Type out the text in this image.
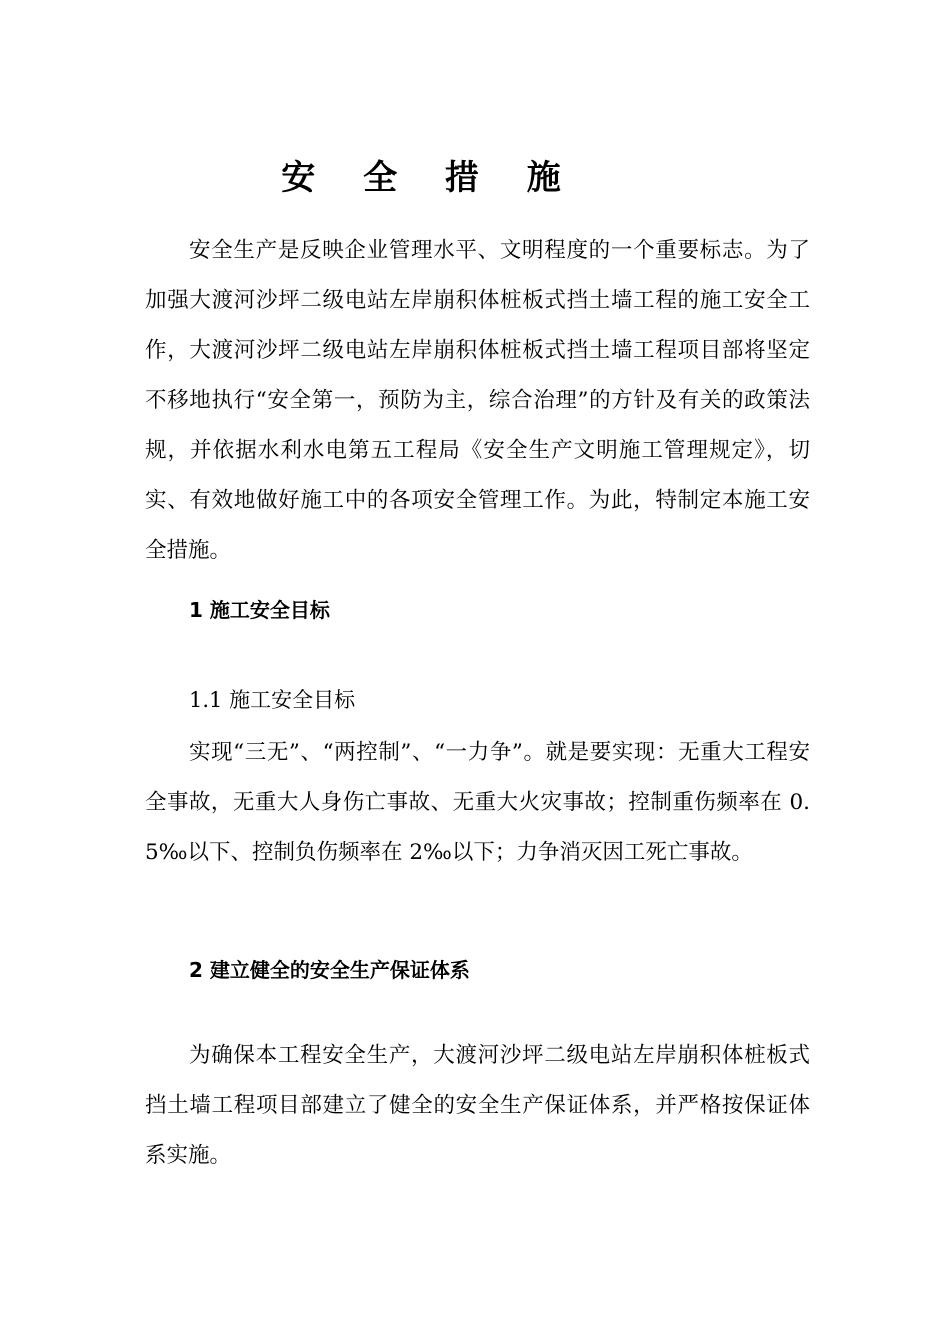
安 全 措 施

安全生产是反映企业管理水平、文明程度的一个重要标志。为了加强大渡河沙坪二级电站左岸崩积体桩板式挡土墙工程的施工安全工作，大渡河沙坪二级电站左岸崩积体桩板式挡土墙工程项目部将坚定不移地执行“安全第一，预防为主，综合治理”的方针及有关的政策法规，并依据水利水电第五工程局《安全生产文明施工管理规定》，切实、有效地做好施工中的各项安全管理工作。为此，特制定本施工安全措施。

1 施工安全目标
1.1 施工安全目标

实现“三无”、“两控制”、“一力争”。就是要实现：无重大工程安全事故，无重大人身伤亡事故、无重大火灾事故；控制重伤频率在 0.5‰以下、控制负伤频率在 2‰以下；力争消灭因工死亡事故。

2 建立健全的安全生产保证体系

为确保本工程安全生产，大渡河沙坪二级电站左岸崩积体桩板式挡土墙工程项目部建立了健全的安全生产保证体系，并严格按保证体系实施。
